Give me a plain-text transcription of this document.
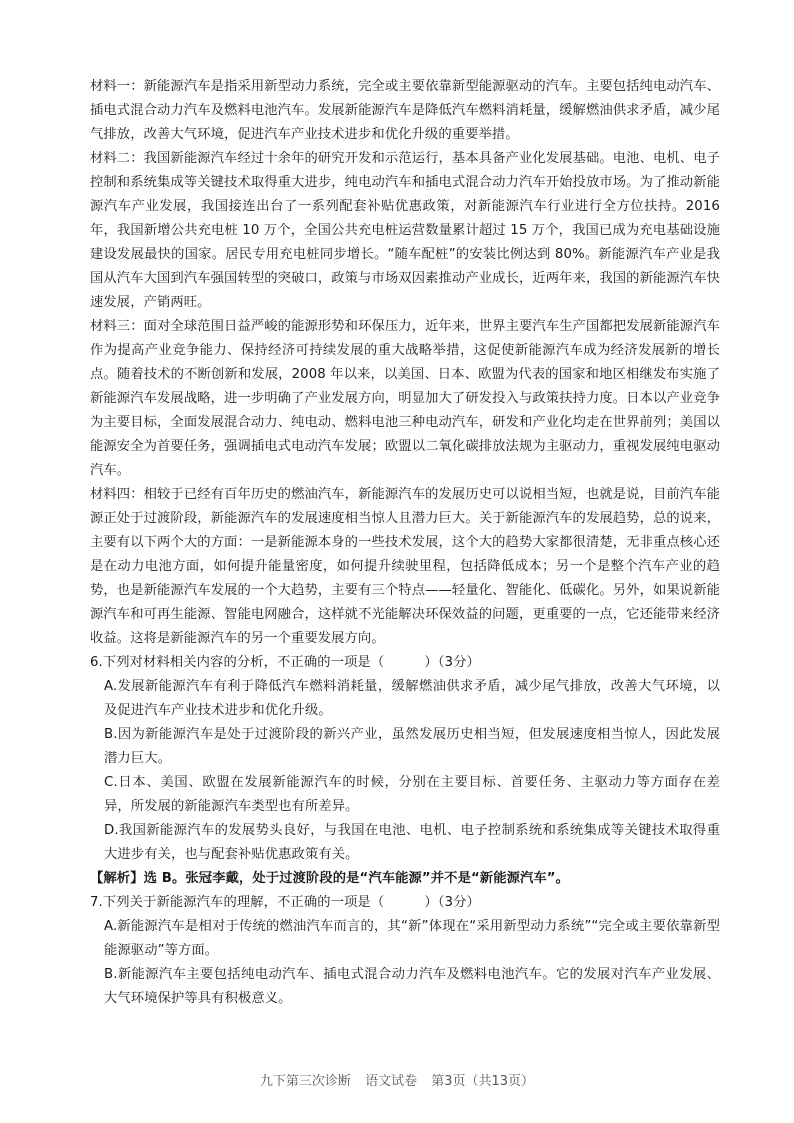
材料一：新能源汽车是指采用新型动力系统，完全或主要依靠新型能源驱动的汽车。主要包括纯电动汽车、插电式混合动力汽车及燃料电池汽车。发展新能源汽车是降低汽车燃料消耗量，缓解燃油供求矛盾，减少尾气排放，改善大气环境，促进汽车产业技术进步和优化升级的重要举措。

材料二：我国新能源汽车经过十余年的研究开发和示范运行，基本具备产业化发展基础。电池、电机、电子控制和系统集成等关键技术取得重大进步，纯电动汽车和插电式混合动力汽车开始投放市场。为了推动新能源汽车产业发展，我国接连出台了一系列配套补贴优惠政策，对新能源汽车行业进行全方位扶持。2016 年，我国新增公共充电桩 10 万个，全国公共充电桩运营数量累计超过 15 万个，我国已成为充电基础设施建设发展最快的国家。居民专用充电桩同步增长。“随车配桩”的安装比例达到 80%。新能源汽车产业是我国从汽车大国到汽车强国转型的突破口，政策与市场双因素推动产业成长，近两年来，我国的新能源汽车快速发展，产销两旺。

材料三：面对全球范围日益严峻的能源形势和环保压力，近年来，世界主要汽车生产国都把发展新能源汽车作为提高产业竞争能力、保持经济可持续发展的重大战略举措，这促使新能源汽车成为经济发展新的增长点。随着技术的不断创新和发展，2008 年以来，以美国、日本、欧盟为代表的国家和地区相继发布实施了新能源汽车发展战略，进一步明确了产业发展方向，明显加大了研发投入与政策扶持力度。日本以产业竞争为主要目标，全面发展混合动力、纯电动、燃料电池三种电动汽车，研发和产业化均走在世界前列；美国以能源安全为首要任务，强调插电式电动汽车发展；欧盟以二氧化碳排放法规为主驱动力，重视发展纯电驱动汽车。

材料四：相较于已经有百年历史的燃油汽车，新能源汽车的发展历史可以说相当短，也就是说，目前汽车能源正处于过渡阶段，新能源汽车的发展速度相当惊人且潜力巨大。关于新能源汽车的发展趋势，总的说来，主要有以下两个大的方面：一是新能源本身的一些技术发展，这个大的趋势大家都很清楚，无非重点核心还是在动力电池方面，如何提升能量密度，如何提升续驶里程，包括降低成本；另一个是整个汽车产业的趋势，也是新能源汽车发展的一个大趋势，主要有三个特点——轻量化、智能化、低碳化。另外，如果说新能源汽车和可再生能源、智能电网融合，这样就不光能解决环保效益的问题，更重要的一点，它还能带来经济收益。这将是新能源汽车的另一个重要发展方向。

6.下列对材料相关内容的分析，不正确的一项是（　　　）（3分）

A.发展新能源汽车有利于降低汽车燃料消耗量，缓解燃油供求矛盾，减少尾气排放，改善大气环境，以及促进汽车产业技术进步和优化升级。

B.因为新能源汽车是处于过渡阶段的新兴产业，虽然发展历史相当短，但发展速度相当惊人，因此发展潜力巨大。

C.日本、美国、欧盟在发展新能源汽车的时候，分别在主要目标、首要任务、主驱动力等方面存在差异，所发展的新能源汽车类型也有所差异。

D.我国新能源汽车的发展势头良好，与我国在电池、电机、电子控制系统和系统集成等关键技术取得重大进步有关，也与配套补贴优惠政策有关。

【解析】选 B。张冠李戴，处于过渡阶段的是“汽车能源”并不是“新能源汽车”。

7.下列关于新能源汽车的理解，不正确的一项是（　　　）（3分）

A.新能源汽车是相对于传统的燃油汽车而言的，其“新”体现在“采用新型动力系统”“完全或主要依靠新型能源驱动”等方面。

B.新能源汽车主要包括纯电动汽车、插电式混合动力汽车及燃料电池汽车。它的发展对汽车产业发展、大气环境保护等具有积极意义。

九下第三次诊断 语文试卷 第3页（共13页）
